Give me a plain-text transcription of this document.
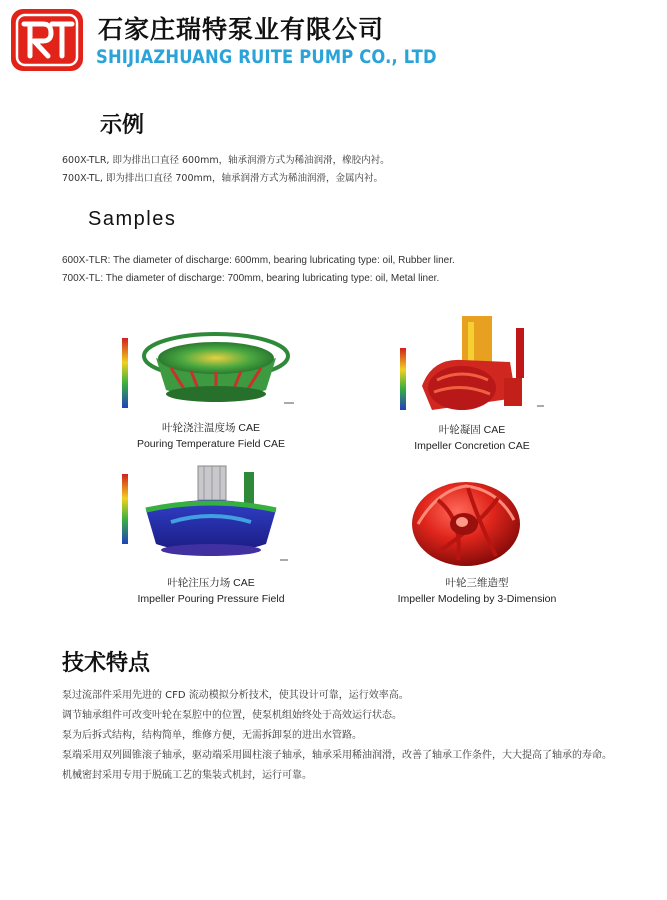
石家庄瑞特泵业有限公司
SHIJIAZHUANG RUITE PUMP CO., LTD
示例
600X-TLR, 即为排出口直径 600mm，轴承润滑方式为稀油润滑，橡胶内衬。
700X-TL, 即为排出口直径 700mm，轴承润滑方式为稀油润滑，金属内衬。
Samples
600X-TLR: The diameter of discharge: 600mm, bearing lubricating type: oil, Rubber liner.
700X-TL: The diameter of discharge: 700mm, bearing lubricating type: oil, Metal liner.
叶轮浇注温度场 CAE
Pouring Temperature Field CAE
叶轮凝固 CAE
Impeller Concretion CAE
叶轮注压力场 CAE
Impeller Pouring Pressure Field
叶轮三维造型
Impeller Modeling by 3-Dimension
技术特点

泵过流部件采用先进的 CFD 流动模拟分析技术，使其设计可靠，运行效率高。

调节轴承组件可改变叶轮在泵腔中的位置，使泵机组始终处于高效运行状态。

泵为后拆式结构，结构简单，维修方便，无需拆卸泵的进出水管路。

泵端采用双列圆锥滚子轴承，驱动端采用圆柱滚子轴承，轴承采用稀油润滑，改善了轴承工作条件，大大提高了轴承的寿命。

机械密封采用专用于脱硫工艺的集装式机封，运行可靠。
